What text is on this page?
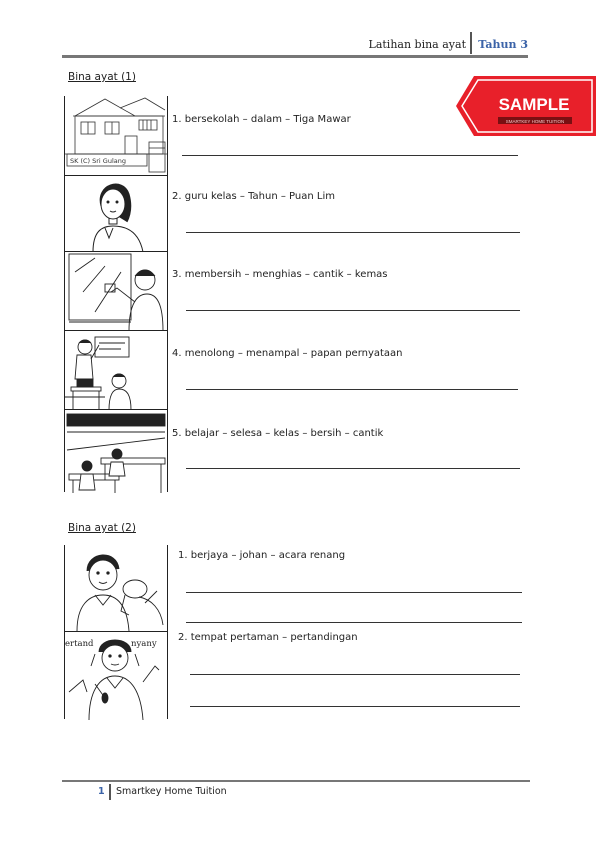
Latihan bina ayat Tahun 3
SAMPLE
SMARTKEY HOME TUITION
Bina ayat (1)
SK (C) Sri Gulang
1. bersekolah – dalam – Tiga Mawar
2. guru kelas – Tahun – Puan Lim
3. membersih – menghias – cantik – kemas
4. menolong – menampal – papan pernyataan
5. belajar – selesa – kelas – bersih – cantik
Bina ayat (2)
ertand	nyany
1. berjaya – johan – acara renang
2. tempat pertaman – pertandingan
1 Smartkey Home Tuition
